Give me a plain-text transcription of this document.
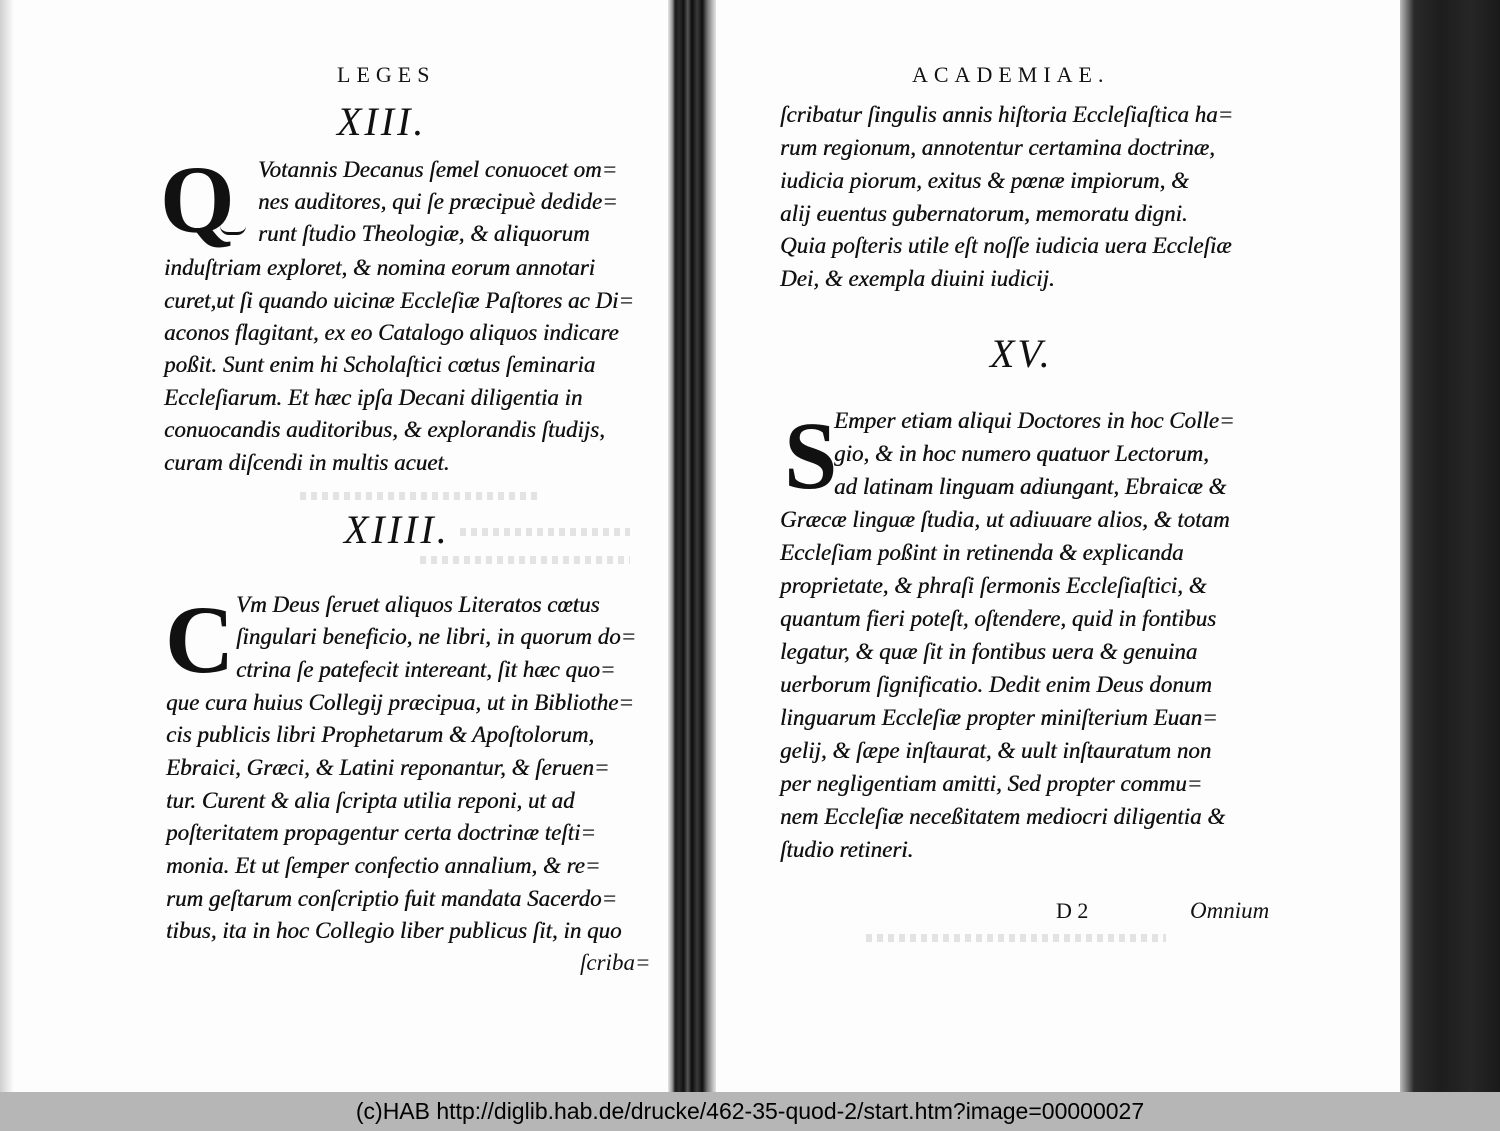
LEGES
XIII.
Q Votannis Decanus ſemel conuocet om=
nes auditores, qui ſe præcipuè dedide=
runt ſtudio Theologiæ, & aliquorum
induſtriam exploret, & nomina eorum annotari
curet,ut ſi quando uicinæ Eccleſiæ Paſtores ac Di=
aconos flagitant, ex eo Catalogo aliquos indicare
poßit. Sunt enim hi Scholaſtici cœtus ſeminaria
Eccleſiarum. Et hæc ipſa Decani diligentia in
conuocandis auditoribus, & explorandis ſtudijs,
curam diſcendi in multis acuet.
XIIII.
C Vm Deus ſeruet aliquos Literatos cœtus
ſingulari beneficio, ne libri, in quorum do=
ctrina ſe patefecit intereant, ſit hæc quo=
que cura huius Collegij præcipua, ut in Bibliothe=
cis publicis libri Prophetarum & Apoſtolorum,
Ebraici, Græci, & Latini reponantur, & ſeruen=
tur. Curent & alia ſcripta utilia reponi, ut ad
poſteritatem propagentur certa doctrinæ teſti=
monia. Et ut ſemper confectio annalium, & re=
rum geſtarum conſcriptio fuit mandata Sacerdo=
tibus, ita in hoc Collegio liber publicus ſit, in quo
ſcriba=
ACADEMIAE.
ſcribatur ſingulis annis hiſtoria Eccleſiaſtica ha=
rum regionum, annotentur certamina doctrinæ,
iudicia piorum, exitus & pœnæ impiorum, &
alij euentus gubernatorum, memoratu digni.
Quia poſteris utile eſt noſſe iudicia uera Eccleſiæ
Dei, & exempla diuini iudicij.
XV.
S
Emper etiam aliqui Doctores in hoc Colle=
gio, & in hoc numero quatuor Lectorum,
ad latinam linguam adiungant, Ebraicæ &
Græcæ linguæ ſtudia, ut adiuuare alios, & totam
Eccleſiam poßint in retinenda & explicanda
proprietate, & phraſi ſermonis Eccleſiaſtici, &
quantum fieri poteſt, oſtendere, quid in fontibus
legatur, & quæ ſit in fontibus uera & genuina
uerborum ſignificatio. Dedit enim Deus donum
linguarum Eccleſiæ propter miniſterium Euan=
gelij, & ſæpe inſtaurat, & uult inſtauratum non
per negligentiam amitti, Sed propter commu=
nem Eccleſiæ neceßitatem mediocri diligentia &
ſtudio retineri.
D 2	Omnium
(c)HAB http://diglib.hab.de/drucke/462-35-quod-2/start.htm?image=00000027
